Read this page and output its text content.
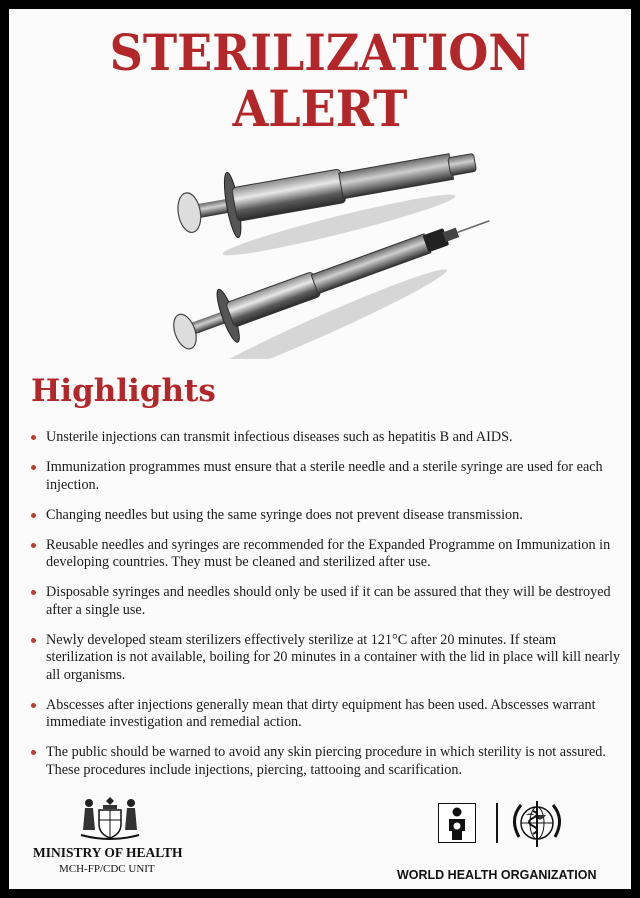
STERILIZATION ALERT
Highlights
Unsterile injections can transmit infectious diseases such as hepatitis B and AIDS.
Immunization programmes must ensure that a sterile needle and a sterile syringe are used for each injection.
Changing needles but using the same syringe does not prevent disease transmission.
Reusable needles and syringes are recommended for the Expanded Programme on Immunization in developing countries. They must be cleaned and sterilized after use.
Disposable syringes and needles should only be used if it can be assured that they will be destroyed after a single use.
Newly developed steam sterilizers effectively sterilize at 121°C after 20 minutes. If steam sterilization is not available, boiling for 20 minutes in a container with the lid in place will kill nearly all organisms.
Abscesses after injections generally mean that dirty equipment has been used. Abscesses warrant immediate investigation and remedial action.
The public should be warned to avoid any skin piercing procedure in which sterility is not assured. These procedures include injections, piercing, tattooing and scarification.

MINISTRY OF HEALTH

MCH-FP/CDC UNIT	WORLD HEALTH ORGANIZATION
